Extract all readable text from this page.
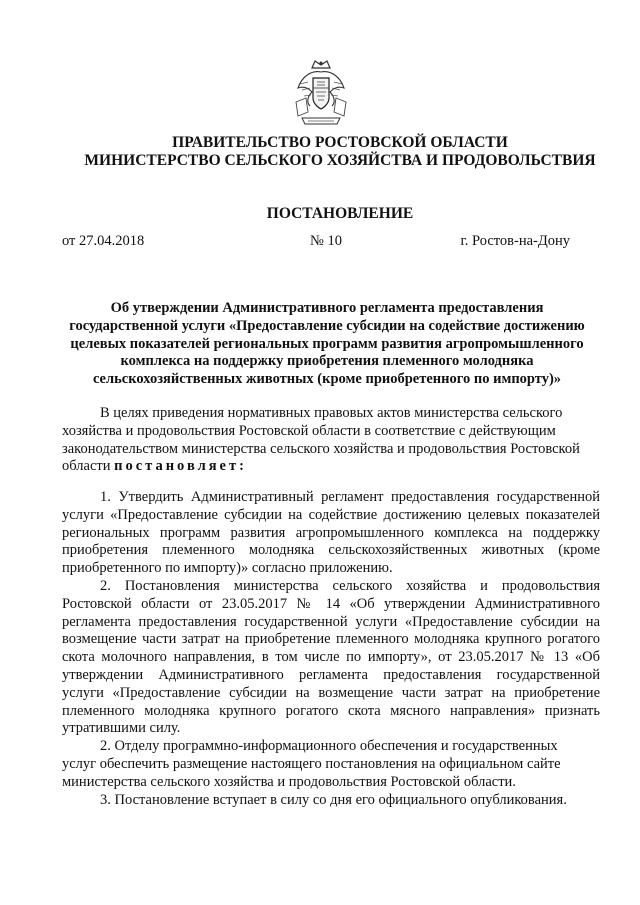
ПРАВИТЕЛЬСТВО РОСТОВСКОЙ ОБЛАСТИ
МИНИСТЕРСТВО СЕЛЬСКОГО ХОЗЯЙСТВА И ПРОДОВОЛЬСТВИЯ
ПОСТАНОВЛЕНИЕ
от 27.04.2018	№ 10	г. Ростов-на-Дону
Об утверждении Административного регламента предоставления
государственной услуги «Предоставление субсидии на содействие достижению
целевых показателей региональных программ развития агропромышленного
комплекса на поддержку приобретения племенного молодняка
сельскохозяйственных животных (кроме приобретенного по импорту)»
В целях приведения нормативных правовых актов министерства сельского
хозяйства и продовольствия Ростовской области в соответствие с действующим
законодательством министерства сельского хозяйства и продовольствия Ростовской
области постановляет:
1. Утвердить Административный регламент предоставления государственной
услуги «Предоставление субсидии на содействие достижению целевых показателей
региональных программ развития агропромышленного комплекса на поддержку
приобретения племенного молодняка сельскохозяйственных животных (кроме
приобретенного по импорту)» согласно приложению.
2. Постановления министерства сельского хозяйства и продовольствия
Ростовской области от 23.05.2017 № 14 «Об утверждении Административного
регламента предоставления государственной услуги «Предоставление субсидии на
возмещение части затрат на приобретение племенного молодняка крупного рогатого
скота молочного направления, в том числе по импорту», от 23.05.2017 № 13 «Об
утверждении Административного регламента предоставления государственной
услуги «Предоставление субсидии на возмещение части затрат на приобретение
племенного молодняка крупного рогатого скота мясного направления» признать
утратившими силу.
2. Отделу программно-информационного обеспечения и государственных
услуг обеспечить размещение настоящего постановления на официальном сайте
министерства сельского хозяйства и продовольствия Ростовской области.
3. Постановление вступает в силу со дня его официального опубликования.
